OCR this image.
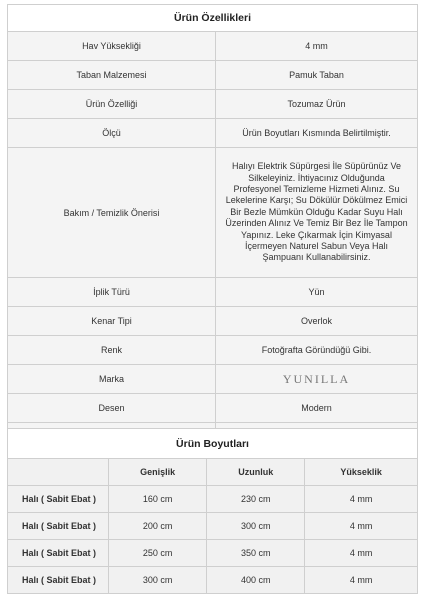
Ürün Özellikleri	
Hav Yüksekliği	4 mm
Taban Malzemesi	Pamuk Taban
Ürün Özelliği	Tozumaz Ürün
Ölçü	Ürün Boyutları Kısmında Belirtilmiştir.
Bakım / Temizlik Önerisi	Halıyı Elektrik Süpürgesi İle Süpürünüz Ve Silkeleyiniz. İhtiyacınız Olduğunda Profesyonel Temizleme Hizmeti Alınız. Su Lekelerine Karşı; Su Dökülür Dökülmez Emici Bir Bezle Mümkün Olduğu Kadar Suyu Halı Üzerinden Alınız Ve Temiz Bir Bez İle Tampon Yapınız. Leke Çıkarmak İçin Kimyasal İçermeyen Naturel Sabun Veya Halı Şampuanı Kullanabilirsiniz.
İplik Türü	Yün
Kenar Tipi	Overlok
Renk	Fotoğrafta Göründüğü Gibi.
Marka	YUNILLA
Desen	Modern

Ürün Boyutları			
	Genişlik	Uzunluk	Yükseklik
Halı ( Sabit Ebat )	160 cm	230 cm	4 mm
Halı ( Sabit Ebat )	200 cm	300 cm	4 mm
Halı ( Sabit Ebat )	250 cm	350 cm	4 mm
Halı ( Sabit Ebat )	300 cm	400 cm	4 mm
